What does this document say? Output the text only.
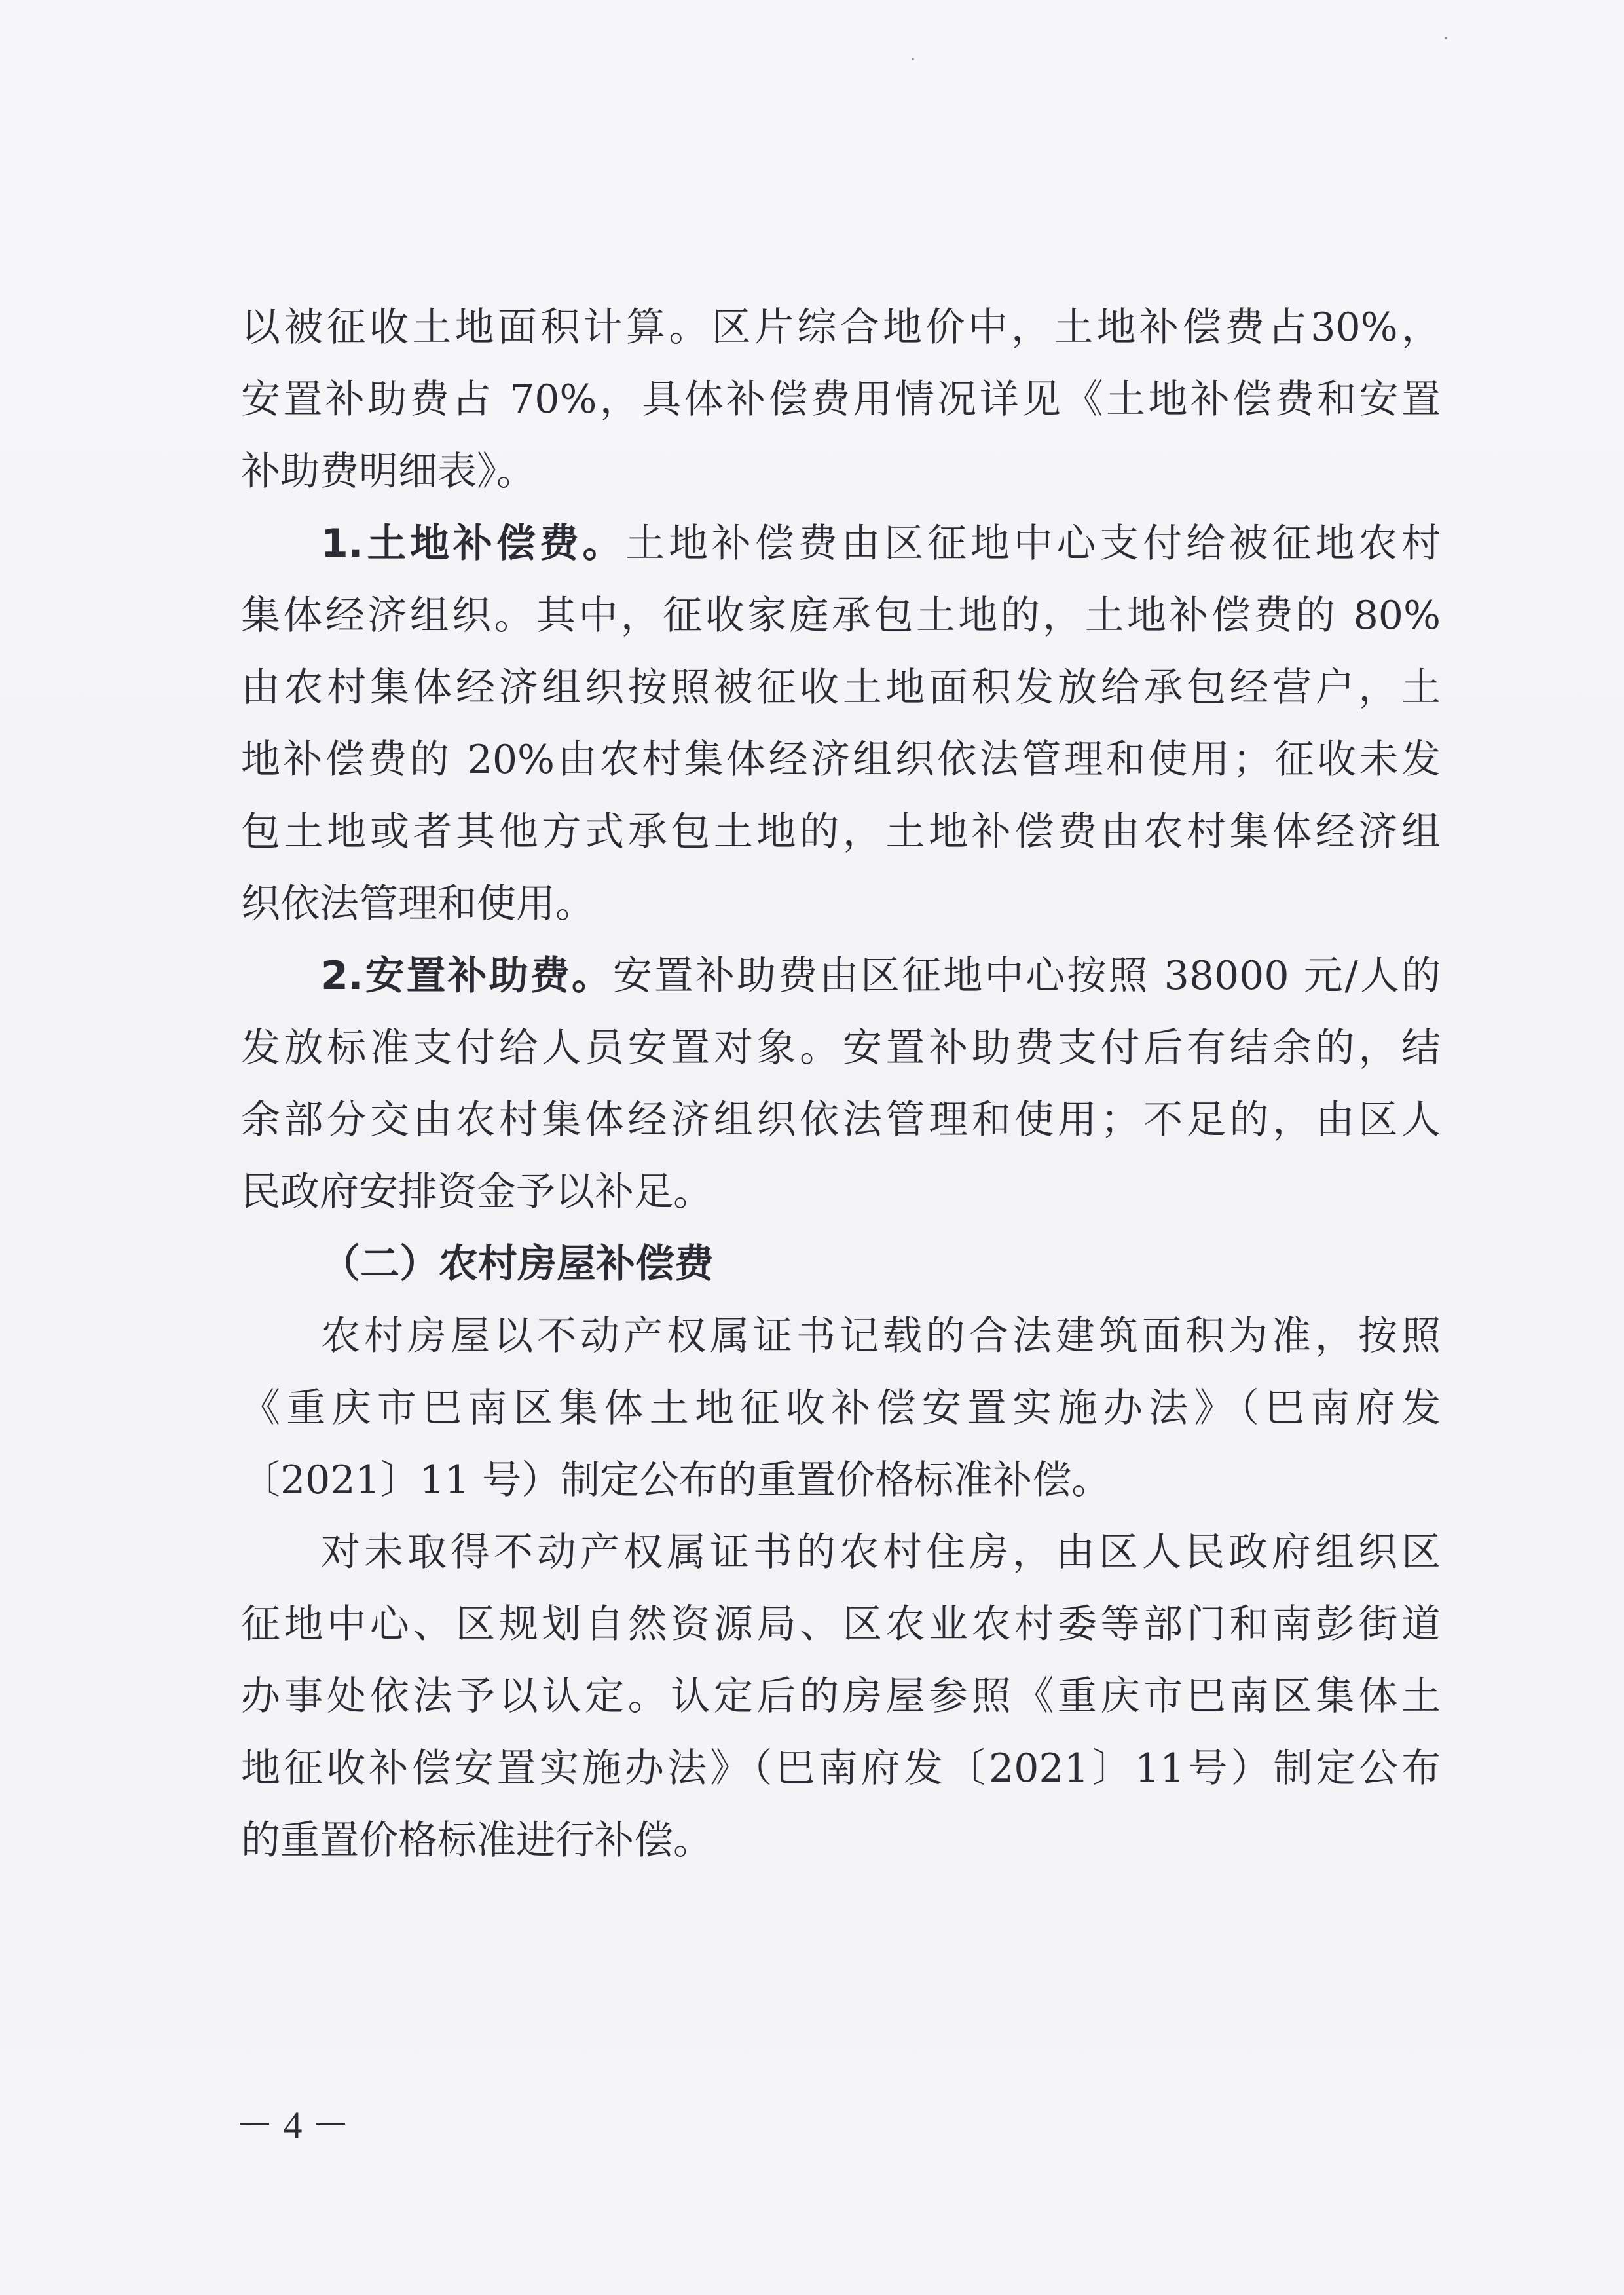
以被征收土地面积计算。区片综合地价中，土地补偿费占30%，
安置补助费占 70%，具体补偿费用情况详见《土地补偿费和安置
补助费明细表》。
1.土地补偿费。土地补偿费由区征地中心支付给被征地农村
集体经济组织。其中，征收家庭承包土地的，土地补偿费的 80%
由农村集体经济组织按照被征收土地面积发放给承包经营户，土
地补偿费的 20%由农村集体经济组织依法管理和使用；征收未发
包土地或者其他方式承包土地的，土地补偿费由农村集体经济组
织依法管理和使用。
2.安置补助费。安置补助费由区征地中心按照 38000 元/人的
发放标准支付给人员安置对象。安置补助费支付后有结余的，结
余部分交由农村集体经济组织依法管理和使用；不足的，由区人
民政府安排资金予以补足。
（二）农村房屋补偿费
农村房屋以不动产权属证书记载的合法建筑面积为准，按照
《重庆市巴南区集体土地征收补偿安置实施办法》（巴南府发
〔2021〕11 号）制定公布的重置价格标准补偿。
对未取得不动产权属证书的农村住房，由区人民政府组织区
征地中心、区规划自然资源局、区农业农村委等部门和南彭街道
办事处依法予以认定。认定后的房屋参照《重庆市巴南区集体土
地征收补偿安置实施办法》（巴南府发〔2021〕11号）制定公布
的重置价格标准进行补偿。
－ 4 －
